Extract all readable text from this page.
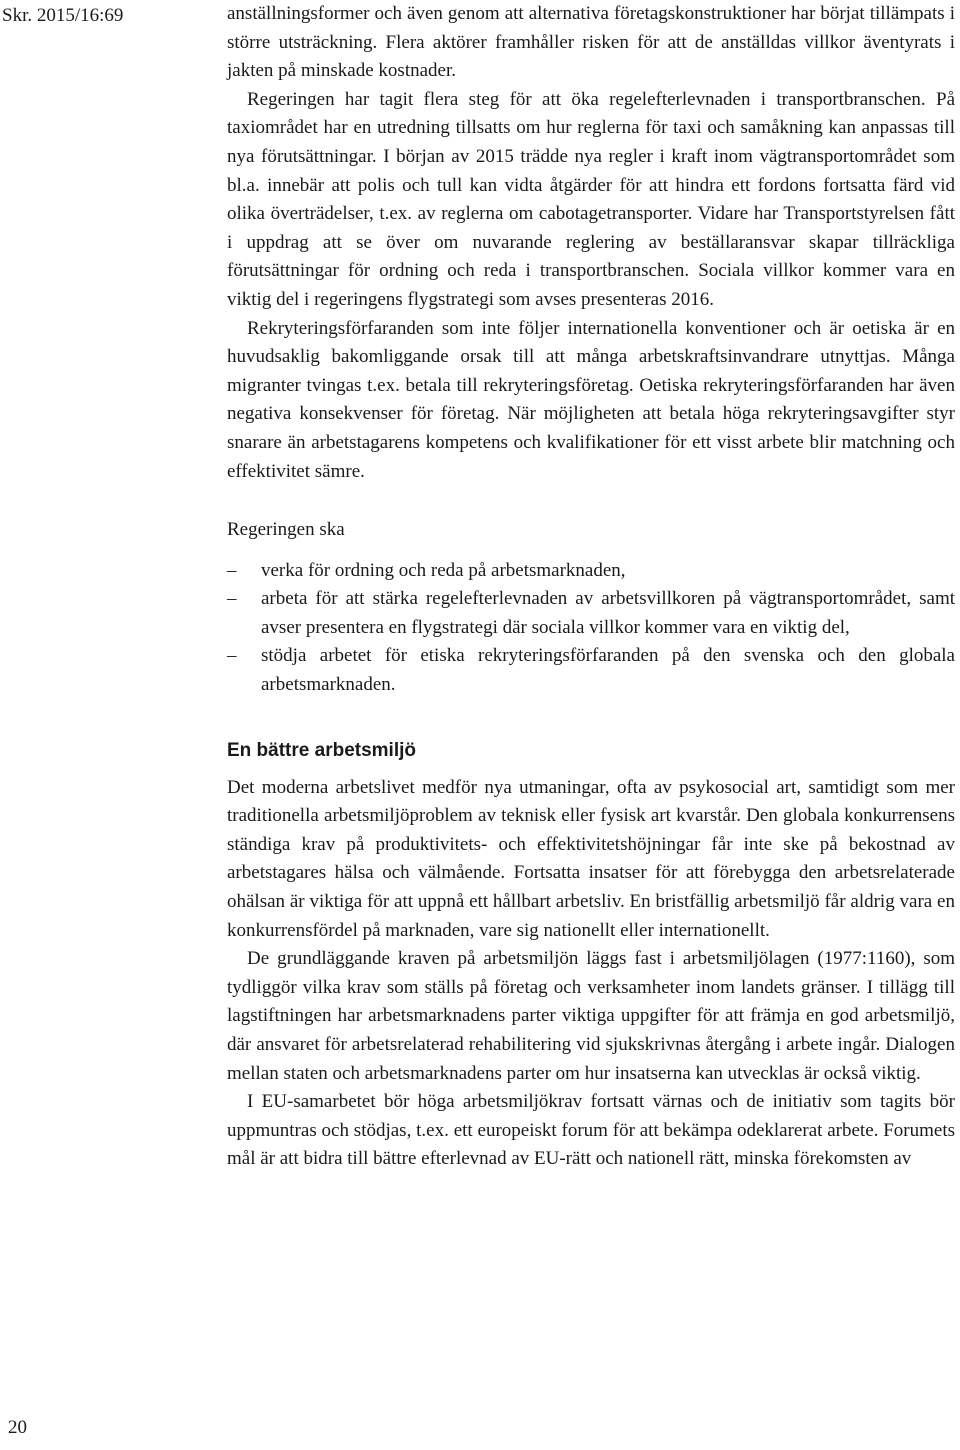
Skr. 2015/16:69	anställningsformer och även genom att alternativa företagskonstruktioner har börjat tillämpats i större utsträckning. Flera aktörer framhåller risken för att de anställdas villkor äventyrats i jakten på minskade kostnader.

Regeringen har tagit flera steg för att öka regelefterlevnaden i transportbranschen. På taxiområdet har en utredning tillsatts om hur reglerna för taxi och samåkning kan anpassas till nya förutsättningar. I början av 2015 trädde nya regler i kraft inom vägtransportområdet som bl.a. innebär att polis och tull kan vidta åtgärder för att hindra ett fordons fortsatta färd vid olika överträdelser, t.ex. av reglerna om cabotagetransporter. Vidare har Transportstyrelsen fått i uppdrag att se över om nuvarande reglering av beställaransvar skapar tillräckliga förutsättningar för ordning och reda i transportbranschen. Sociala villkor kommer vara en viktig del i regeringens flygstrategi som avses presenteras 2016.

Rekryteringsförfaranden som inte följer internationella konventioner och är oetiska är en huvudsaklig bakomliggande orsak till att många arbetskraftsinvandrare utnyttjas. Många migranter tvingas t.ex. betala till rekryteringsföretag. Oetiska rekryteringsförfaranden har även negativa konsekvenser för företag. När möjligheten att betala höga rekryteringsavgifter styr snarare än arbetstagarens kompetens och kvalifikationer för ett visst arbete blir matchning och effektivitet sämre.

Regeringen ska

–	verka för ordning och reda på arbetsmarknaden,
–	arbeta för att stärka regelefterlevnaden av arbetsvillkoren på vägtransportområdet, samt avser presentera en flygstrategi där sociala villkor kommer vara en viktig del,
–	stödja arbetet för etiska rekryteringsförfaranden på den svenska och den globala arbetsmarknaden.
En bättre arbetsmiljö

Det moderna arbetslivet medför nya utmaningar, ofta av psykosocial art, samtidigt som mer traditionella arbetsmiljöproblem av teknisk eller fysisk art kvarstår. Den globala konkurrensens ständiga krav på produktivitets- och effektivitetshöjningar får inte ske på bekostnad av arbetstagares hälsa och välmående. Fortsatta insatser för att förebygga den arbetsrelaterade ohälsan är viktiga för att uppnå ett hållbart arbetsliv. En bristfällig arbetsmiljö får aldrig vara en konkurrensfördel på marknaden, vare sig nationellt eller internationellt.

De grundläggande kraven på arbetsmiljön läggs fast i arbetsmiljölagen (1977:1160), som tydliggör vilka krav som ställs på företag och verksamheter inom landets gränser. I tillägg till lagstiftningen har arbetsmarknadens parter viktiga uppgifter för att främja en god arbetsmiljö, där ansvaret för arbetsrelaterad rehabilitering vid sjukskrivnas återgång i arbete ingår. Dialogen mellan staten och arbetsmarknadens parter om hur insatserna kan utvecklas är också viktig.

I EU-samarbetet bör höga arbetsmiljökrav fortsatt värnas och de initiativ som tagits bör uppmuntras och stödjas, t.ex. ett europeiskt forum för att bekämpa odeklarerat arbete. Forumets mål är att bidra till bättre efterlevnad av EU-rätt och nationell rätt, minska förekomsten av

20
